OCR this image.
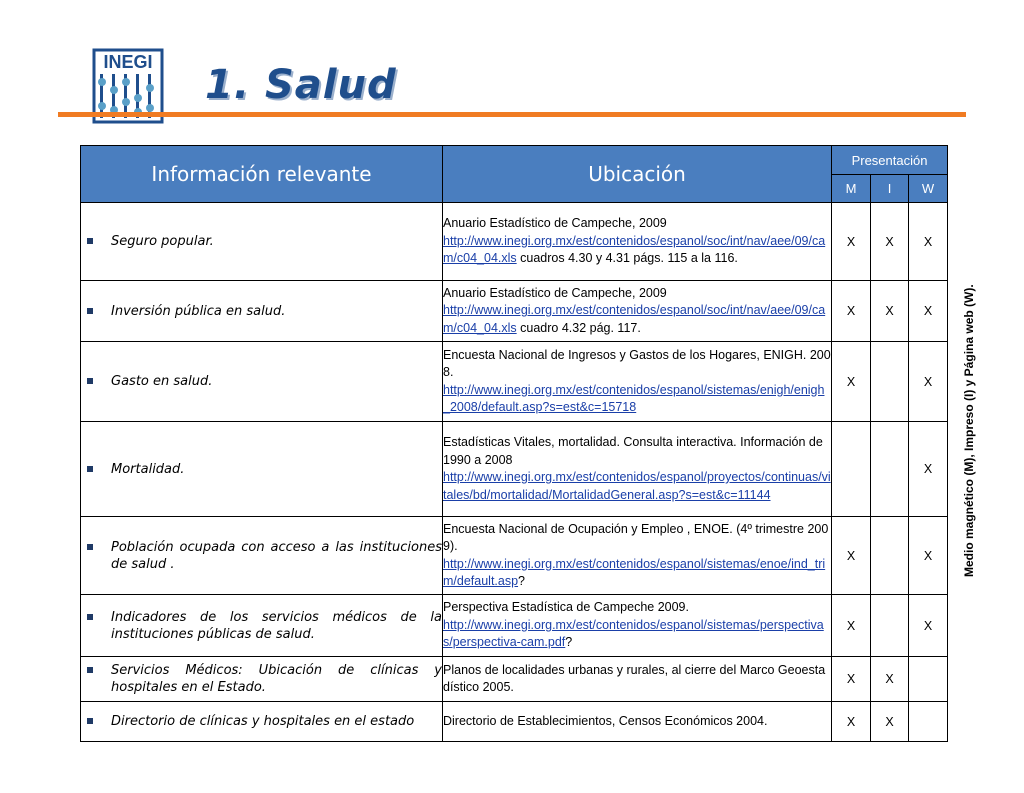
INEGI 1. Salud
Información relevante	Ubicación	Presentación		
		M	I	W

Seguro popular.	Anuario Estadístico de Campeche, 2009
http://www.inegi.org.mx/est/contenidos/espanol/soc/int/nav/aee/09/cam/c04_04.xls cuadros 4.30 y 4.31 págs. 115 a la 116.	X	X	X

Inversión pública en salud.	Anuario Estadístico de Campeche, 2009
http://www.inegi.org.mx/est/contenidos/espanol/soc/int/nav/aee/09/cam/c04_04.xls cuadro 4.32 pág. 117.	X	X	X

Gasto en salud.	Encuesta Nacional de Ingresos y Gastos de los Hogares, ENIGH. 2008.
http://www.inegi.org.mx/est/contenidos/espanol/sistemas/enigh/enigh_2008/default.asp?s=est&c=15718	X		X

Mortalidad.	Estadísticas Vitales, mortalidad. Consulta interactiva. Información de 1990 a 2008
http://www.inegi.org.mx/est/contenidos/espanol/proyectos/continuas/vitales/bd/mortalidad/MortalidadGeneral.asp?s=est&c=11144			X

Población ocupada con acceso a las instituciones de salud .	Encuesta Nacional de Ocupación y Empleo , ENOE. (4º trimestre 2009).
http://www.inegi.org.mx/est/contenidos/espanol/sistemas/enoe/ind_trim/default.asp?	X		X

Indicadores de los servicios médicos de la instituciones públicas de salud.	Perspectiva Estadística de Campeche 2009.
http://www.inegi.org.mx/est/contenidos/espanol/sistemas/perspectivas/perspectiva-cam.pdf?	X		X

Servicios Médicos: Ubicación de clínicas y hospitales en el Estado.	Planos de localidades urbanas y rurales, al cierre del Marco Geoestadístico 2005.	X	X	

Directorio de clínicas y hospitales en el estado	Directorio de Establecimientos, Censos Económicos 2004.	X	X	
Medio magnético (M), Impreso (I) y Página web (W).
